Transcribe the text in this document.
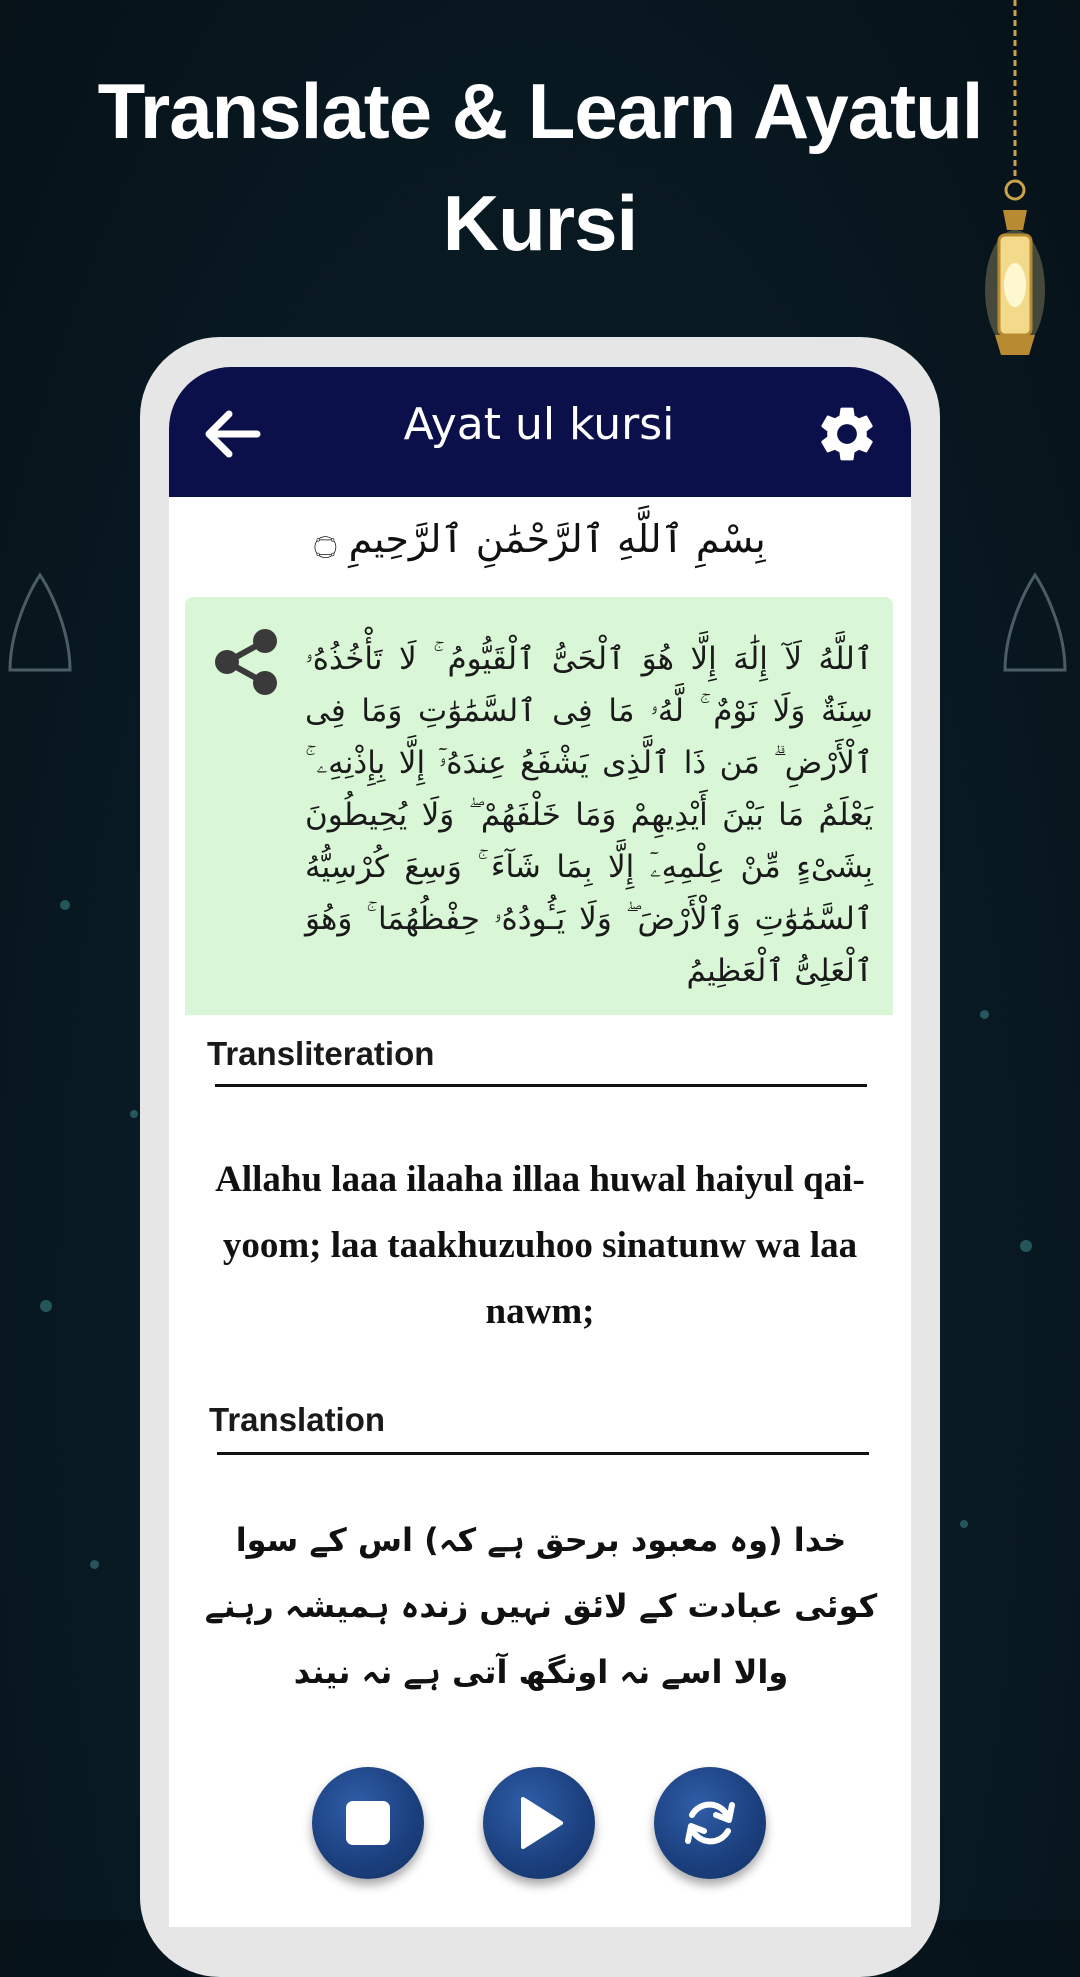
Translate & Learn Ayatul Kursi
Ayat ul kursi
بِسْمِ ٱللَّهِ ٱلرَّحْمَٰنِ ٱلرَّحِيمِ ۝
ٱللَّهُ لَآ إِلَٰهَ إِلَّا هُوَ ٱلْحَىُّ ٱلْقَيُّومُ ۚ لَا تَأْخُذُهُۥ سِنَةٌ وَلَا نَوْمٌ ۚ لَّهُۥ مَا فِى ٱلسَّمَٰوَٰتِ وَمَا فِى ٱلْأَرْضِ ۗ مَن ذَا ٱلَّذِى يَشْفَعُ عِندَهُۥٓ إِلَّا بِإِذْنِهِۦ ۚ يَعْلَمُ مَا بَيْنَ أَيْدِيهِمْ وَمَا خَلْفَهُمْ ۖ وَلَا يُحِيطُونَ بِشَىْءٍ مِّنْ عِلْمِهِۦٓ إِلَّا بِمَا شَآءَ ۚ وَسِعَ كُرْسِيُّهُ ٱلسَّمَٰوَٰتِ وَٱلْأَرْضَ ۖ وَلَا يَـُٔودُهُۥ حِفْظُهُمَا ۚ وَهُوَ ٱلْعَلِىُّ ٱلْعَظِيمُ
Transliteration
Allahu laaa ilaaha illaa huwal haiyul qai-yoom; laa taakhuzuhoo sinatunw wa laa nawm;
Translation
خدا (وہ معبود برحق ہے کہ) اس کے سوا کوئی عبادت کے لائق نہیں زندہ ہمیشہ رہنے والا اسے نہ اونگھ آتی ہے نہ نیند
